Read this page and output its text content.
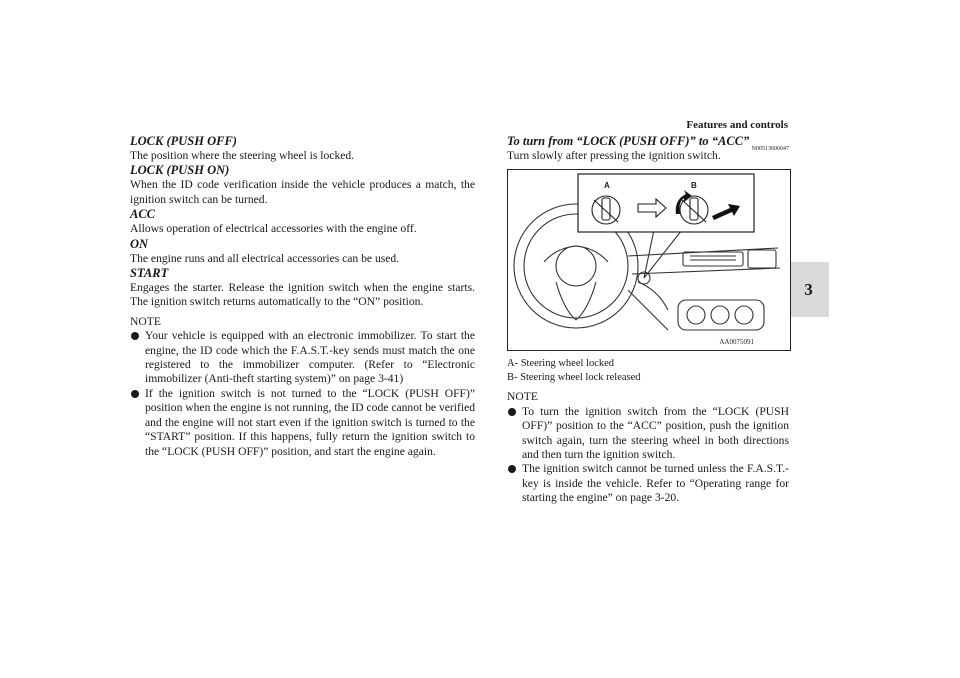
Features and controls
3
LOCK (PUSH OFF)
The position where the steering wheel is locked.
LOCK (PUSH ON)
When the ID code verification inside the vehicle produces a match, the ignition switch can be turned.
ACC
Allows operation of electrical accessories with the engine off.
ON
The engine runs and all electrical accessories can be used.
START
Engages the starter. Release the ignition switch when the engine starts. The ignition switch returns automatically to the “ON” position.
NOTE
Your vehicle is equipped with an electronic immobilizer. To start the engine, the ID code which the F.A.S.T.-key sends must match the one registered to the immobilizer computer. (Refer to “Electronic immobilizer (Anti-theft starting system)” on page 3-41)
If the ignition switch is not turned to the “LOCK (PUSH OFF)” position when the engine is not running, the ID code cannot be verified and the engine will not start even if the ignition switch is turned to the “START” position. If this happens, fully return the ignition switch to the “LOCK (PUSH OFF)” position, and start the engine again.
To turn from “LOCK (PUSH OFF)” to “ACC”
N00513600047
Turn slowly after pressing the ignition switch.
A	B
AA0075091
A- Steering wheel locked
B- Steering wheel lock released
NOTE
To turn the ignition switch from the “LOCK (PUSH OFF)” position to the “ACC” position, push the ignition switch again, turn the steering wheel in both directions and then turn the ignition switch.
The ignition switch cannot be turned unless the F.A.S.T.-key is inside the vehicle. Refer to “Operating range for starting the engine” on page 3-20.
